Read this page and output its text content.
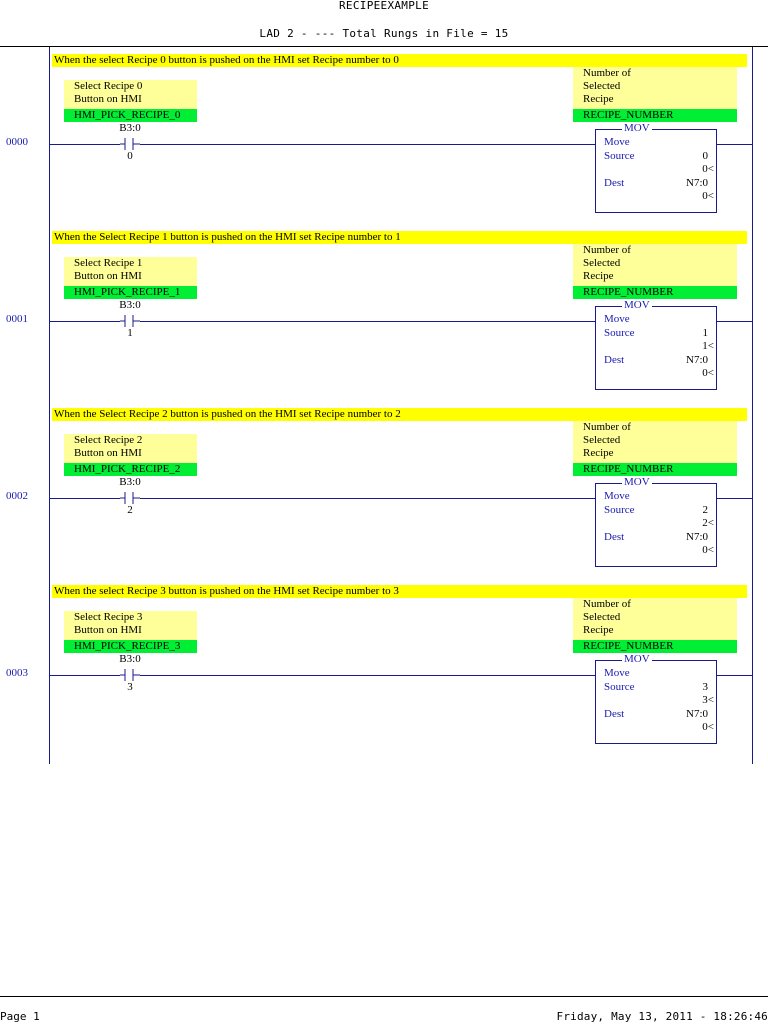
RECIPEEXAMPLE
LAD 2 - --- Total Rungs in File = 15
When the select Recipe 0 button is pushed on the HMI set Recipe number to 0
0000
Select Recipe 0
Button on HMI
HMI_PICK_RECIPE_0
B3:0
0
Number of
Selected
Recipe
RECIPE_NUMBER
MOV
Move
Source	0
0<
Dest	N7:0
0<
When the Select Recipe 1 button is pushed on the HMI set Recipe number to 1
0001
Select Recipe 1
Button on HMI
HMI_PICK_RECIPE_1
B3:0
1
Number of
Selected
Recipe
RECIPE_NUMBER
MOV
Move
Source	1
1<
Dest	N7:0
0<
When the Select Recipe 2 button is pushed on the HMI set Recipe number to 2
0002
Select Recipe 2
Button on HMI
HMI_PICK_RECIPE_2
B3:0
2
Number of
Selected
Recipe
RECIPE_NUMBER
MOV
Move
Source	2
2<
Dest	N7:0
0<
When the select Recipe 3 button is pushed on the HMI set Recipe number to 3
0003
Select Recipe 3
Button on HMI
HMI_PICK_RECIPE_3
B3:0
3
Number of
Selected
Recipe
RECIPE_NUMBER
MOV
Move
Source	3
3<
Dest	N7:0
0<
Page 1	Friday, May 13, 2011 - 18:26:46
